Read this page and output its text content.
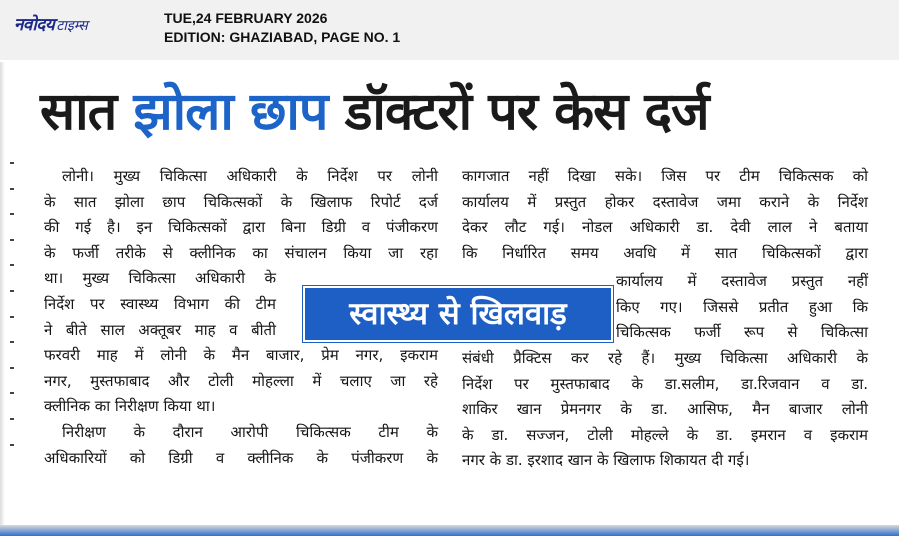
नवोदय टाइम्स	TUE,24 FEBRUARY 2026
EDITION: GHAZIABAD, PAGE NO. 1
सात झोला छाप डॉक्टरों पर केस दर्ज

लोनी। मुख्य चिकित्सा अधिकारी के निर्देश पर लोनी

के सात झोला छाप चिकित्सकों के खिलाफ रिपोर्ट दर्ज

की गई है। इन चिकित्सकों द्वारा बिना डिग्री व पंजीकरण

के फर्जी तरीके से क्लीनिक का संचालन किया जा रहा

था। मुख्य चिकित्सा अधिकारी के

निर्देश पर स्वास्थ्य विभाग की टीम

ने बीते साल अक्तूबर माह व बीती

फरवरी माह में लोनी के मैन बाजार, प्रेम नगर, इकराम

नगर, मुस्तफाबाद और टोली मोहल्ला में चलाए जा रहे

क्लीनिक का निरीक्षण किया था।

निरीक्षण के दौरान आरोपी चिकित्सक टीम के

अधिकारियों को डिग्री व क्लीनिक के पंजीकरण के

कागजात नहीं दिखा सके। जिस पर टीम चिकित्सक को

कार्यालय में प्रस्तुत होकर दस्तावेज जमा कराने के निर्देश

देकर लौट गई। नोडल अधिकारी डा. देवी लाल ने बताया

कि निर्धारित समय अवधि में सात चिकित्सकों द्वारा

कार्यालय में दस्तावेज प्रस्तुत नहीं

किए गए। जिससे प्रतीत हुआ कि

चिकित्सक फर्जी रूप से चिकित्सा

संबंधी प्रैक्टिस कर रहे हैं। मुख्य चिकित्सा अधिकारी के

निर्देश पर मुस्तफाबाद के डा.सलीम, डा.रिजवान व डा.

शाकिर खान प्रेमनगर के डा. आसिफ, मैन बाजार लोनी

के डा. सज्जन, टोली मोहल्ले के डा. इमरान व इकराम

नगर के डा. इरशाद खान के खिलाफ शिकायत दी गई।

स्वास्थ्य से खिलवाड़
